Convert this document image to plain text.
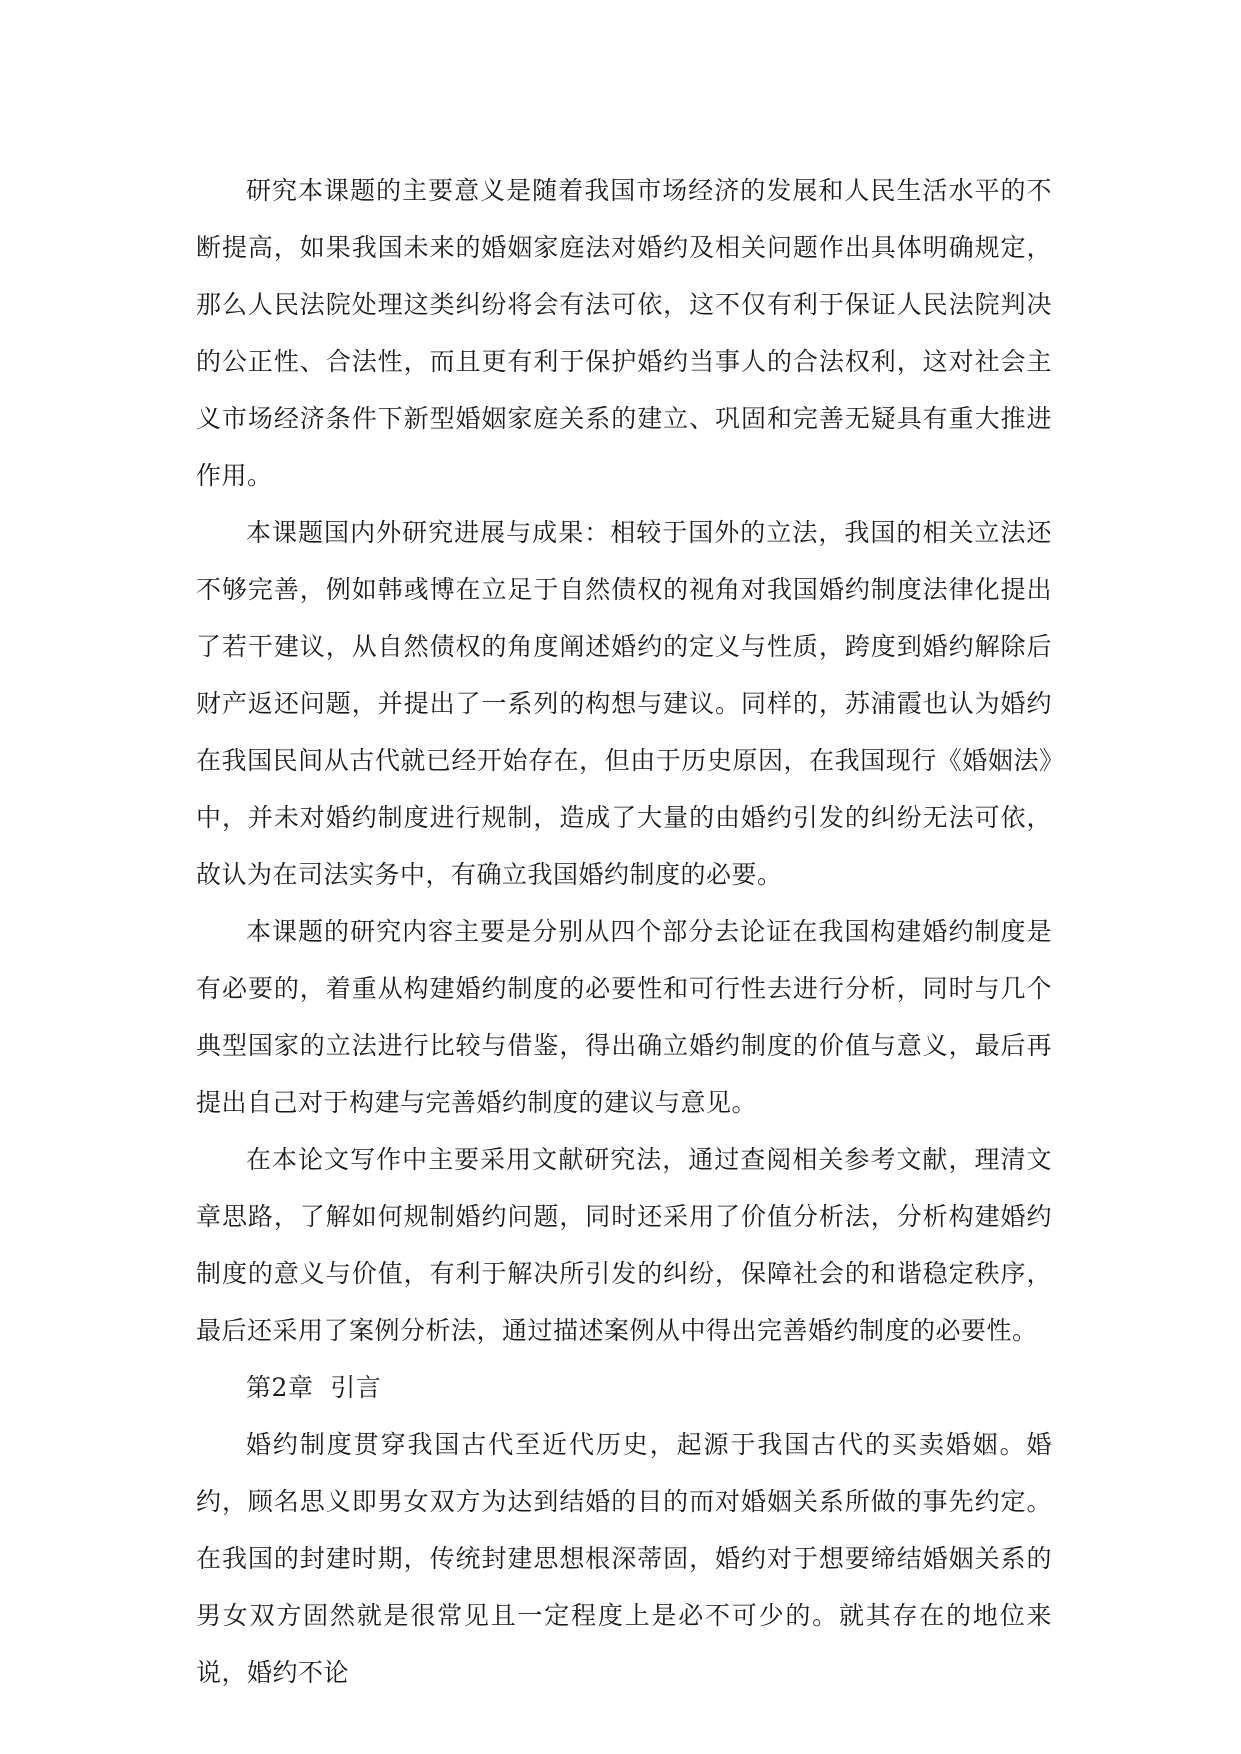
研究本课题的主要意义是随着我国市场经济的发展和人民生活水平的不断提高，如果我国未来的婚姻家庭法对婚约及相关问题作出具体明确规定，那么人民法院处理这类纠纷将会有法可依，这不仅有利于保证人民法院判决的公正性、合法性，而且更有利于保护婚约当事人的合法权利，这对社会主义市场经济条件下新型婚姻家庭关系的建立、巩固和完善无疑具有重大推进作用。

本课题国内外研究进展与成果：相较于国外的立法，我国的相关立法还不够完善，例如韩彧博在立足于自然债权的视角对我国婚约制度法律化提出了若干建议，从自然债权的角度阐述婚约的定义与性质，跨度到婚约解除后财产返还问题，并提出了一系列的构想与建议。同样的，苏浦霞也认为婚约在我国民间从古代就已经开始存在，但由于历史原因，在我国现行《婚姻法》中，并未对婚约制度进行规制，造成了大量的由婚约引发的纠纷无法可依，故认为在司法实务中，有确立我国婚约制度的必要。

本课题的研究内容主要是分别从四个部分去论证在我国构建婚约制度是有必要的，着重从构建婚约制度的必要性和可行性去进行分析，同时与几个典型国家的立法进行比较与借鉴，得出确立婚约制度的价值与意义，最后再提出自己对于构建与完善婚约制度的建议与意见。

在本论文写作中主要采用文献研究法，通过查阅相关参考文献，理清文章思路，了解如何规制婚约问题，同时还采用了价值分析法，分析构建婚约制度的意义与价值，有利于解决所引发的纠纷，保障社会的和谐稳定秩序，最后还采用了案例分析法，通过描述案例从中得出完善婚约制度的必要性。

第2章  引言

婚约制度贯穿我国古代至近代历史，起源于我国古代的买卖婚姻。婚约，顾名思义即男女双方为达到结婚的目的而对婚姻关系所做的事先约定。在我国的封建时期，传统封建思想根深蒂固，婚约对于想要缔结婚姻关系的男女双方固然就是很常见且一定程度上是必不可少的。就其存在的地位来说，婚约不论
